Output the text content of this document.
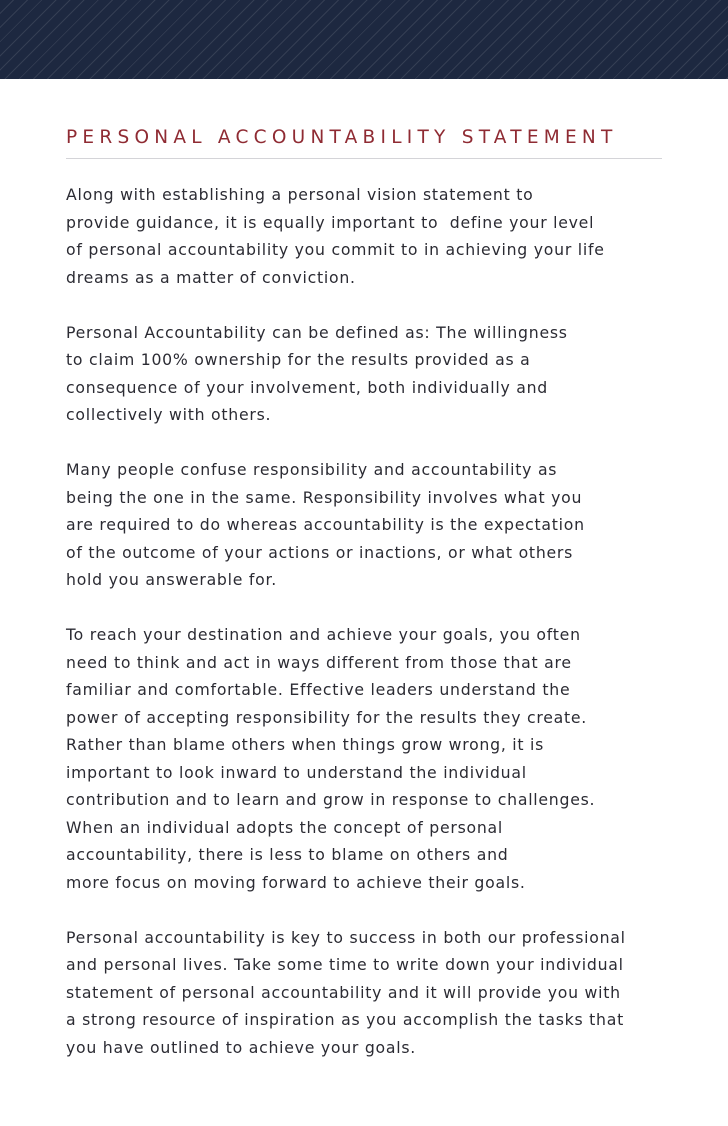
PERSONAL ACCOUNTABILITY STATEMENT

Along with establishing a personal vision statement to
provide guidance, it is equally important to  define your level
of personal accountability you commit to in achieving your life
dreams as a matter of conviction.

Personal Accountability can be defined as: The willingness
to claim 100% ownership for the results provided as a
consequence of your involvement, both individually and
collectively with others.

Many people confuse responsibility and accountability as
being the one in the same. Responsibility involves what you
are required to do whereas accountability is the expectation
of the outcome of your actions or inactions, or what others
hold you answerable for.

To reach your destination and achieve your goals, you often
need to think and act in ways different from those that are
familiar and comfortable. Effective leaders understand the
power of accepting responsibility for the results they create.
Rather than blame others when things grow wrong, it is
important to look inward to understand the individual
contribution and to learn and grow in response to challenges.
When an individual adopts the concept of personal
accountability, there is less to blame on others and
more focus on moving forward to achieve their goals.

Personal accountability is key to success in both our professional
and personal lives. Take some time to write down your individual
statement of personal accountability and it will provide you with
a strong resource of inspiration as you accomplish the tasks that
you have outlined to achieve your goals.
